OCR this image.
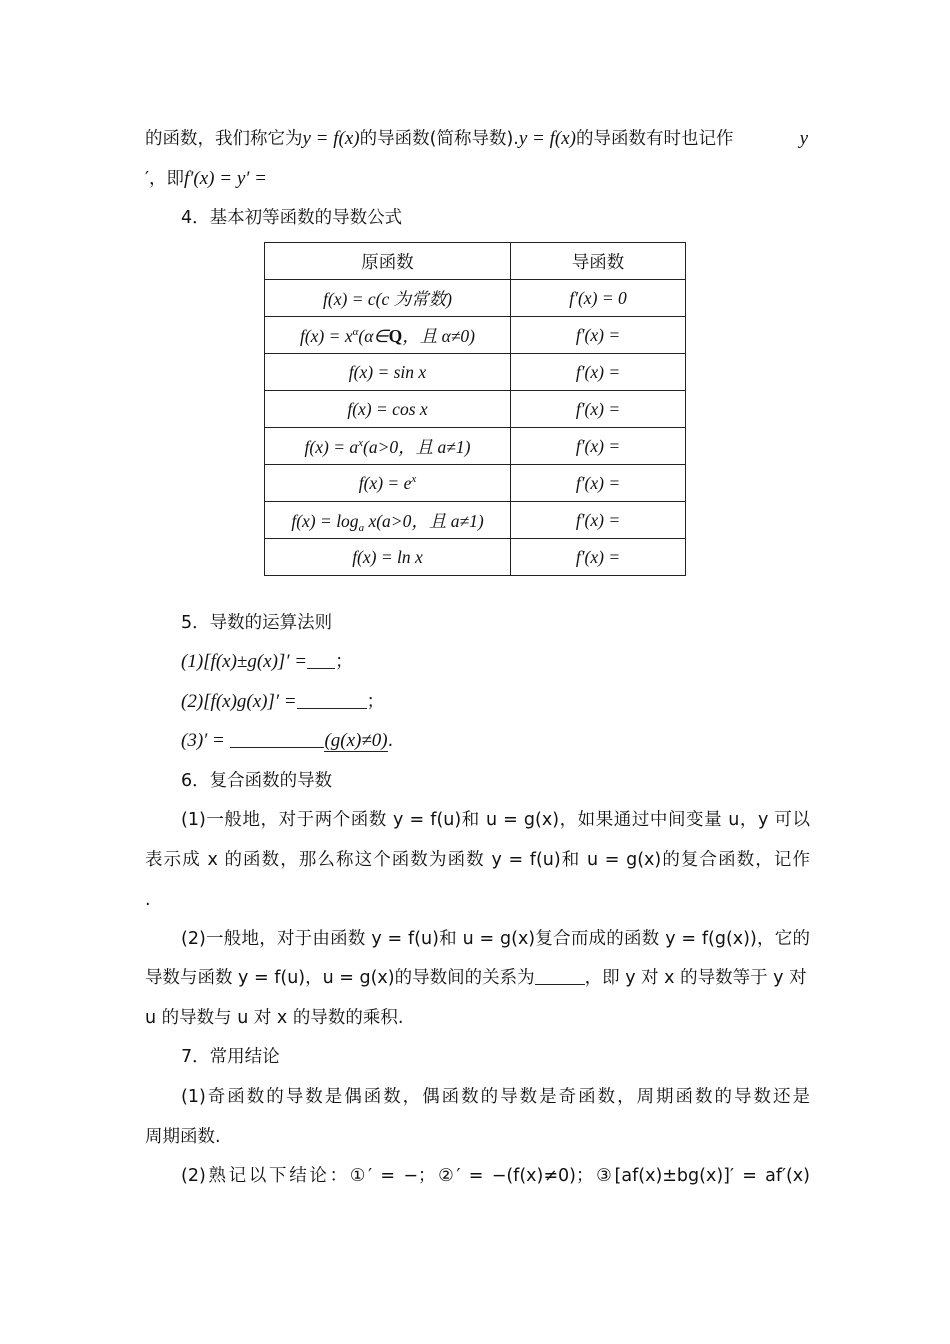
的函数，我们称它为y = f(x)的导函数(简称导数).y = f(x)的导函数有时也记作	y
′，即f′(x) = y′ =
4．基本初等函数的导数公式
原函数	导函数
f(x) = c(c 为常数)	f′(x) = 0
$f(x) = x^\alpha(\alpha\in Q$，且 α≠0)	f′(x) =
f(x) = sin x	f′(x) =
f(x) = cos x	f′(x) =
$f(x) = a^x(a>0$，且 a≠1)	f′(x) =
$f(x) = e^x$	f′(x) =
$f(x) = \log_a x(a>0$，且 a≠1)	f′(x) =
f(x) = ln x	f′(x) =
5．导数的运算法则
(1)[f(x)±g(x)]′ = ；
(2)[f(x)g(x)]′ =	；
(3)′ =	(g(x)≠0).
6．复合函数的导数
(1)一般地，对于两个函数 y = f(u)和 u = g(x)，如果通过中间变量 u，y 可以
表示成 x 的函数，那么称这个函数为函数 y = f(u)和 u = g(x)的复合函数，记作
.
(2)一般地，对于由函数 y = f(u)和 u = g(x)复合而成的函数 y = f(g(x))，它的
导数与函数 y = f(u)，u = g(x)的导数间的关系为	，即 y 对 x 的导数等于 y 对
u 的导数与 u 对 x 的导数的乘积.
7．常用结论
(1)奇函数的导数是偶函数，偶函数的导数是奇函数，周期函数的导数还是
周期函数.
(2)熟记以下结论：①′ = −；②′ = −(f(x)≠0)；③[af(x)±bg(x)]′ = af′(x)
